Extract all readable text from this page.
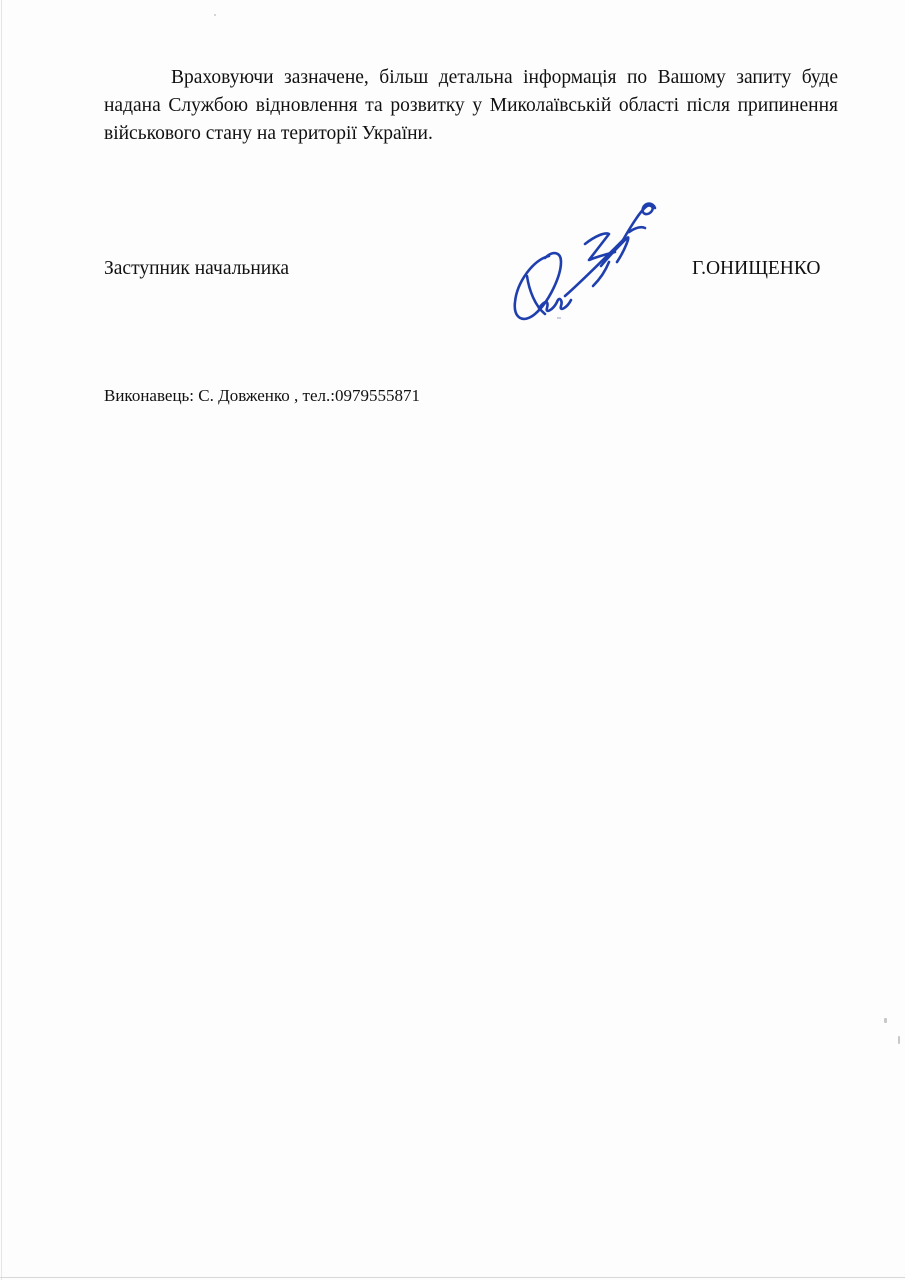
Враховуючи зазначене, більш детальна інформація по Вашому запиту буде надана Службою відновлення та розвитку у Миколаївській області після припинення військового стану на території України.

Заступник начальника	Г.ОНИЩЕНКО
Виконавець: С. Довженко , тел.:0979555871
